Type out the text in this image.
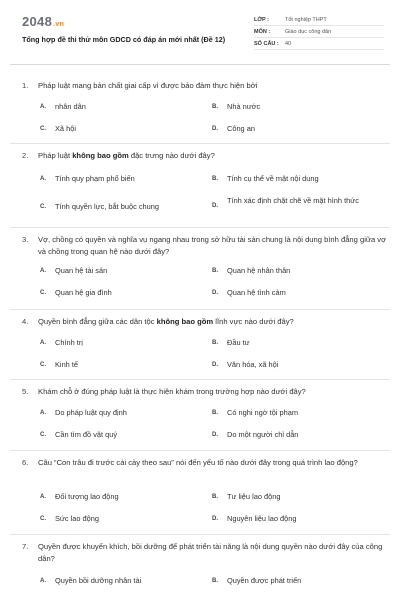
2048.vn
Tổng hợp đề thi thử môn GDCD có đáp án mới nhất (Đề 12)
LỚP :	Tốt nghiệp THPT
MÔN :	Giáo dục công dân
SỐ CÂU :	40
1.	Pháp luật mang bản chất giai cấp vì được bảo đảm thực hiện bởi
A.	nhân dân	B.	Nhà nước
C.	Xã hội	D.	Công an
2.	Pháp luật không bao gồm đặc trưng nào dưới đây?
A.	Tính quy phạm phổ biến	B.	Tính cụ thể về mặt nội dung
C.	Tính quyền lực, bắt buộc chung	D.
Tính xác định chặt chẽ về mặt hình thức
3.	Vợ, chồng có quyền và nghĩa vụ ngang nhau trong sở hữu tài sản chung là nội dung bình đẳng giữa vợ và chồng trong quan hệ nào dưới đây?
A.	Quan hệ tài sản	B.	Quan hệ nhân thân
C.	Quan hệ gia đình	D.	Quan hệ tình cảm
4.	Quyền bình đẳng giữa các dân tộc không bao gồm lĩnh vực nào dưới đây?
A.	Chính trị	B.	Đầu tư
C.	Kinh tế	D.	Văn hóa, xã hội
5.	Khám chỗ ở đúng pháp luật là thực hiện khám trong trường hợp nào dưới đây?
A.	Do pháp luật quy định	B.	Có nghi ngờ tội phạm
C.	Cần tìm đồ vật quý	D.	Do một người chỉ dẫn
6.	Câu “Con trâu đi trước cái cày theo sau” nói đến yếu tố nào dưới đây trong quá trình lao động?
A.	Đối tượng lao động	B.	Tư liệu lao động
C.	Sức lao động	D.	Nguyên liệu lao động
7.	Quyền được khuyến khích, bồi dưỡng để phát triển tài năng là nội dung quyền nào dưới đây của công dân?
A.	Quyền bồi dưỡng nhân tài	B.	Quyền được phát triển
